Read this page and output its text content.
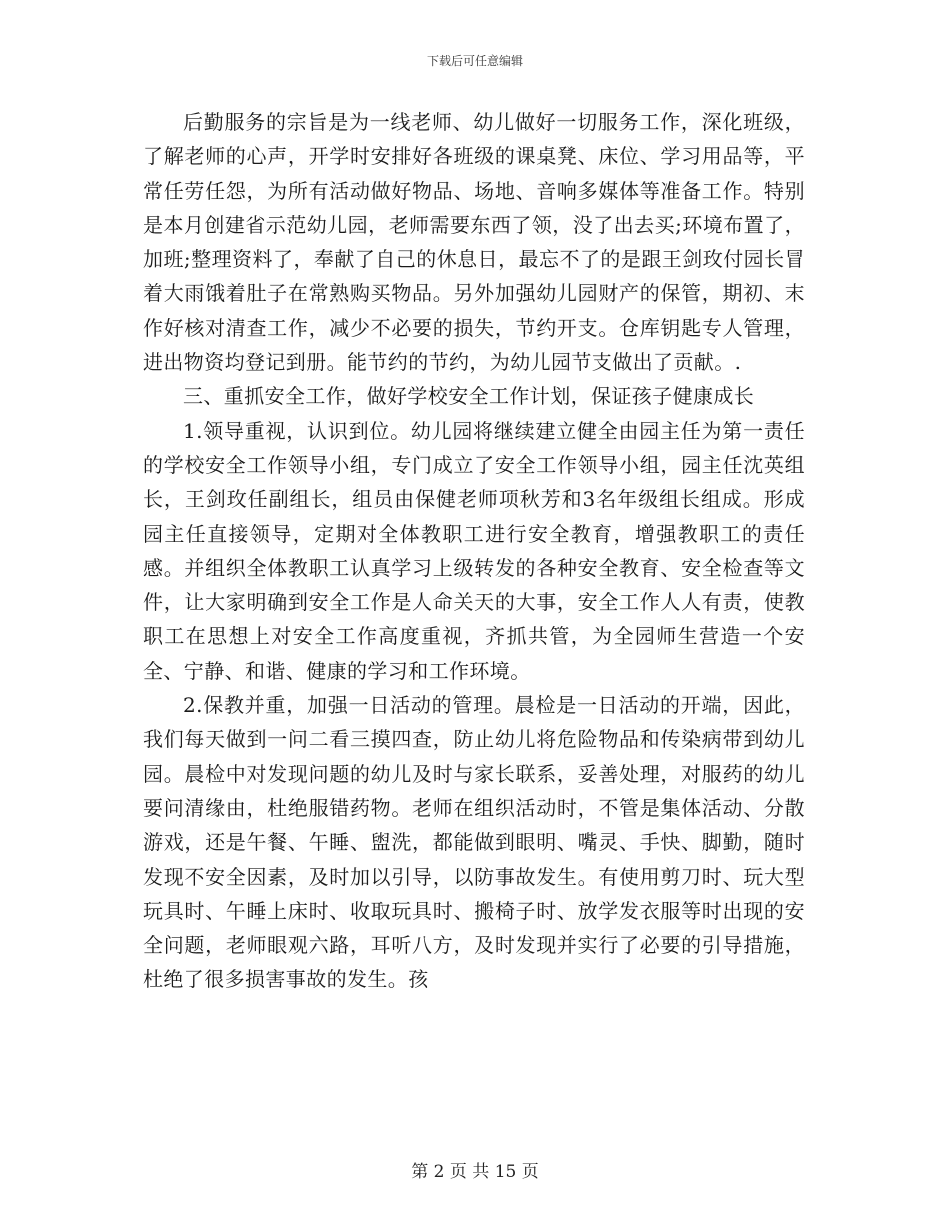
下载后可任意编辑

后勤服务的宗旨是为一线老师、幼儿做好一切服务工作，深化班级，了解老师的心声，开学时安排好各班级的课桌凳、床位、学习用品等，平常任劳任怨，为所有活动做好物品、场地、音响多媒体等准备工作。特别是本月创建省示范幼儿园，老师需要东西了领，没了出去买;环境布置了，加班;整理资料了，奉献了自己的休息日，最忘不了的是跟王剑玫付园长冒着大雨饿着肚子在常熟购买物品。另外加强幼儿园财产的保管，期初、末作好核对清查工作，减少不必要的损失，节约开支。仓库钥匙专人管理，进出物资均登记到册。能节约的节约，为幼儿园节支做出了贡献。.

三、重抓安全工作，做好学校安全工作计划，保证孩子健康成长

1.领导重视，认识到位。幼儿园将继续建立健全由园主任为第一责任的学校安全工作领导小组，专门成立了安全工作领导小组，园主任沈英组长，王剑玫任副组长，组员由保健老师项秋芳和3名年级组长组成。形成园主任直接领导，定期对全体教职工进行安全教育，增强教职工的责任感。并组织全体教职工认真学习上级转发的各种安全教育、安全检查等文件，让大家明确到安全工作是人命关天的大事，安全工作人人有责，使教职工在思想上对安全工作高度重视，齐抓共管，为全园师生营造一个安全、宁静、和谐、健康的学习和工作环境。

2.保教并重，加强一日活动的管理。晨检是一日活动的开端，因此，我们每天做到一问二看三摸四查，防止幼儿将危险物品和传染病带到幼儿园。晨检中对发现问题的幼儿及时与家长联系，妥善处理，对服药的幼儿要问清缘由，杜绝服错药物。老师在组织活动时，不管是集体活动、分散游戏，还是午餐、午睡、盥洗，都能做到眼明、嘴灵、手快、脚勤，随时发现不安全因素，及时加以引导，以防事故发生。有使用剪刀时、玩大型玩具时、午睡上床时、收取玩具时、搬椅子时、放学发衣服等时出现的安全问题，老师眼观六路，耳听八方，及时发现并实行了必要的引导措施，杜绝了很多损害事故的发生。孩

第 2 页 共 15 页
